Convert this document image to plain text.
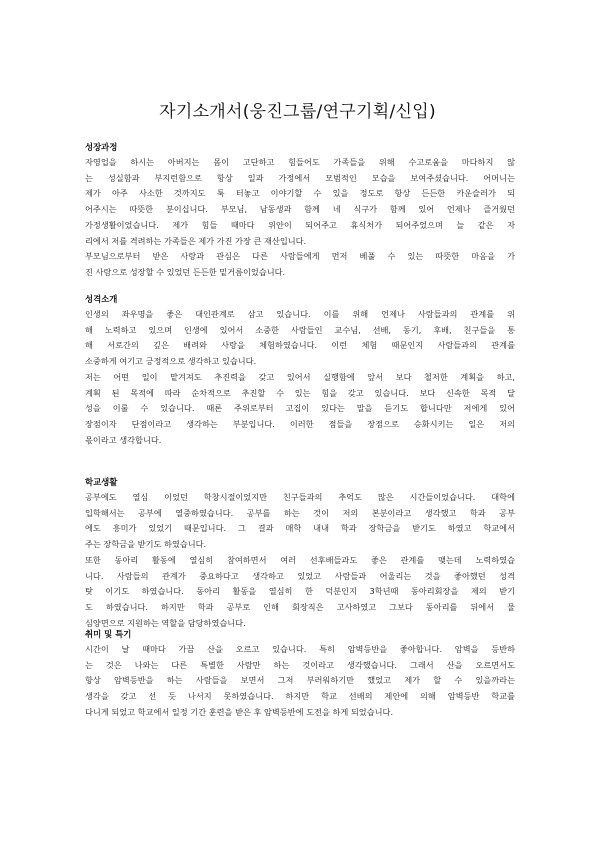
자기소개서(웅진그룹/연구기획/신입)
성장과정

자영업을 하시는 아버지는 몸이 고단하고 힘들어도 가족들을 위해 수고로움을 마다하지 않

는 성실함과 부지런함으로 항상 일과 가정에서 모범적인 모습을 보여주셨습니다. 어머니는

제가 아주 사소한 것까지도 툭 터놓고 이야기할 수 있을 정도로 항상 든든한 카운슬러가 되

어주시는 따뜻한 분이십니다. 부모님, 남동생과 함께 네 식구가 함께 있어 언제나 즐거웠던

가정생활이었습니다. 제가 힘들 때마다 위안이 되어주고 휴식처가 되어주었으며 늘 같은 자

리에서 저를 격려하는 가족들은 제가 가진 가장 큰 재산입니다.

부모님으로부터 받은 사랑과 관심은 다른 사람들에게 먼저 베풀 수 있는 따뜻한 마음을 가

진 사람으로 성장할 수 있었던 든든한 밑거름이었습니다.

성격소개

인생의 좌우명을 좋은 대인관계로 삼고 있습니다. 이를 위해 언제나 사람들과의 관계를 위

해 노력하고 있으며 인생에 있어서 소중한 사람들인 교수님, 선배, 동기, 후배, 친구들을 통

해 서로간의 깊은 배려와 사랑을 체험하였습니다. 이런 체험 때문인지 사람들과의 관계를

소중하게 여기고 긍정적으로 생각하고 있습니다.

저는 어떤 일이 맡겨져도 추진력을 갖고 있어서 실행함에 앞서 보다 철저한 계획을 하고,

계획 된 목적에 따라 순차적으로 추진할 수 있는 힘을 갖고 있습니다. 보다 신속한 목적 달

성을 이룰 수 있습니다. 때론 주위로부터 고집이 있다는 말을 듣기도 합니다만 저에게 있어

장점이자 단점이라고 생각하는 부분입니다. 이러한 점들을 장점으로 승화시키는 일은 저의

몫이라고 생각합니다.

학교생활

공부에도 열심 이었던 학창시절이었지만 친구들과의 추억도 많은 시간들이었습니다. 대학에

입학해서는 공부에 열중하였습니다. 공부를 하는 것이 저의 본분이라고 생각했고 학과 공부

에도 흥미가 있었기 때문입니다. 그 결과 매학 내내 학과 장학금을 받기도 하였고 학교에서

주는 장학금을 받기도 하였습니다.

또한 동아리 활동에 열심히 참여하면서 여러 선후배들과도 좋은 관계를 맺는데 노력하였습

니다. 사람들의 관계가 중요하다고 생각하고 있었고 사람들과 어울리는 것을 좋아했던 성격

탓 이기도 하였습니다. 동아리 활동을 열심히 한 덕분인지 3학년때 동아리회장을 제의 받기

도 하였습니다. 하지만 학과 공부로 인해 회장직은 고사하였고 그보다 동아리를 뒤에서 물

심양면으로 지원하는 역할을 담당하였습니다.

취미 및 특기

시간이 날 때마다 가끔 산을 오르고 있습니다. 특히 암벽등반을 좋아합니다. 암벽을 등반하

는 것은 나와는 다른 특별한 사람만 하는 것이라고 생각했습니다. 그래서 산을 오르면서도

항상 암벽등반을 하는 사람들을 보면서 그저 부러워하기만 했었고 제가 할 수 있을까라는

생각을 갖고 선 듯 나서지 못하였습니다. 하지만 학교 선배의 제안에 의해 암벽등반 학교를

다니게 되었고 학교에서 일정 기간 훈련을 받은 후 암벽등반에 도전을 하게 되었습니다.
